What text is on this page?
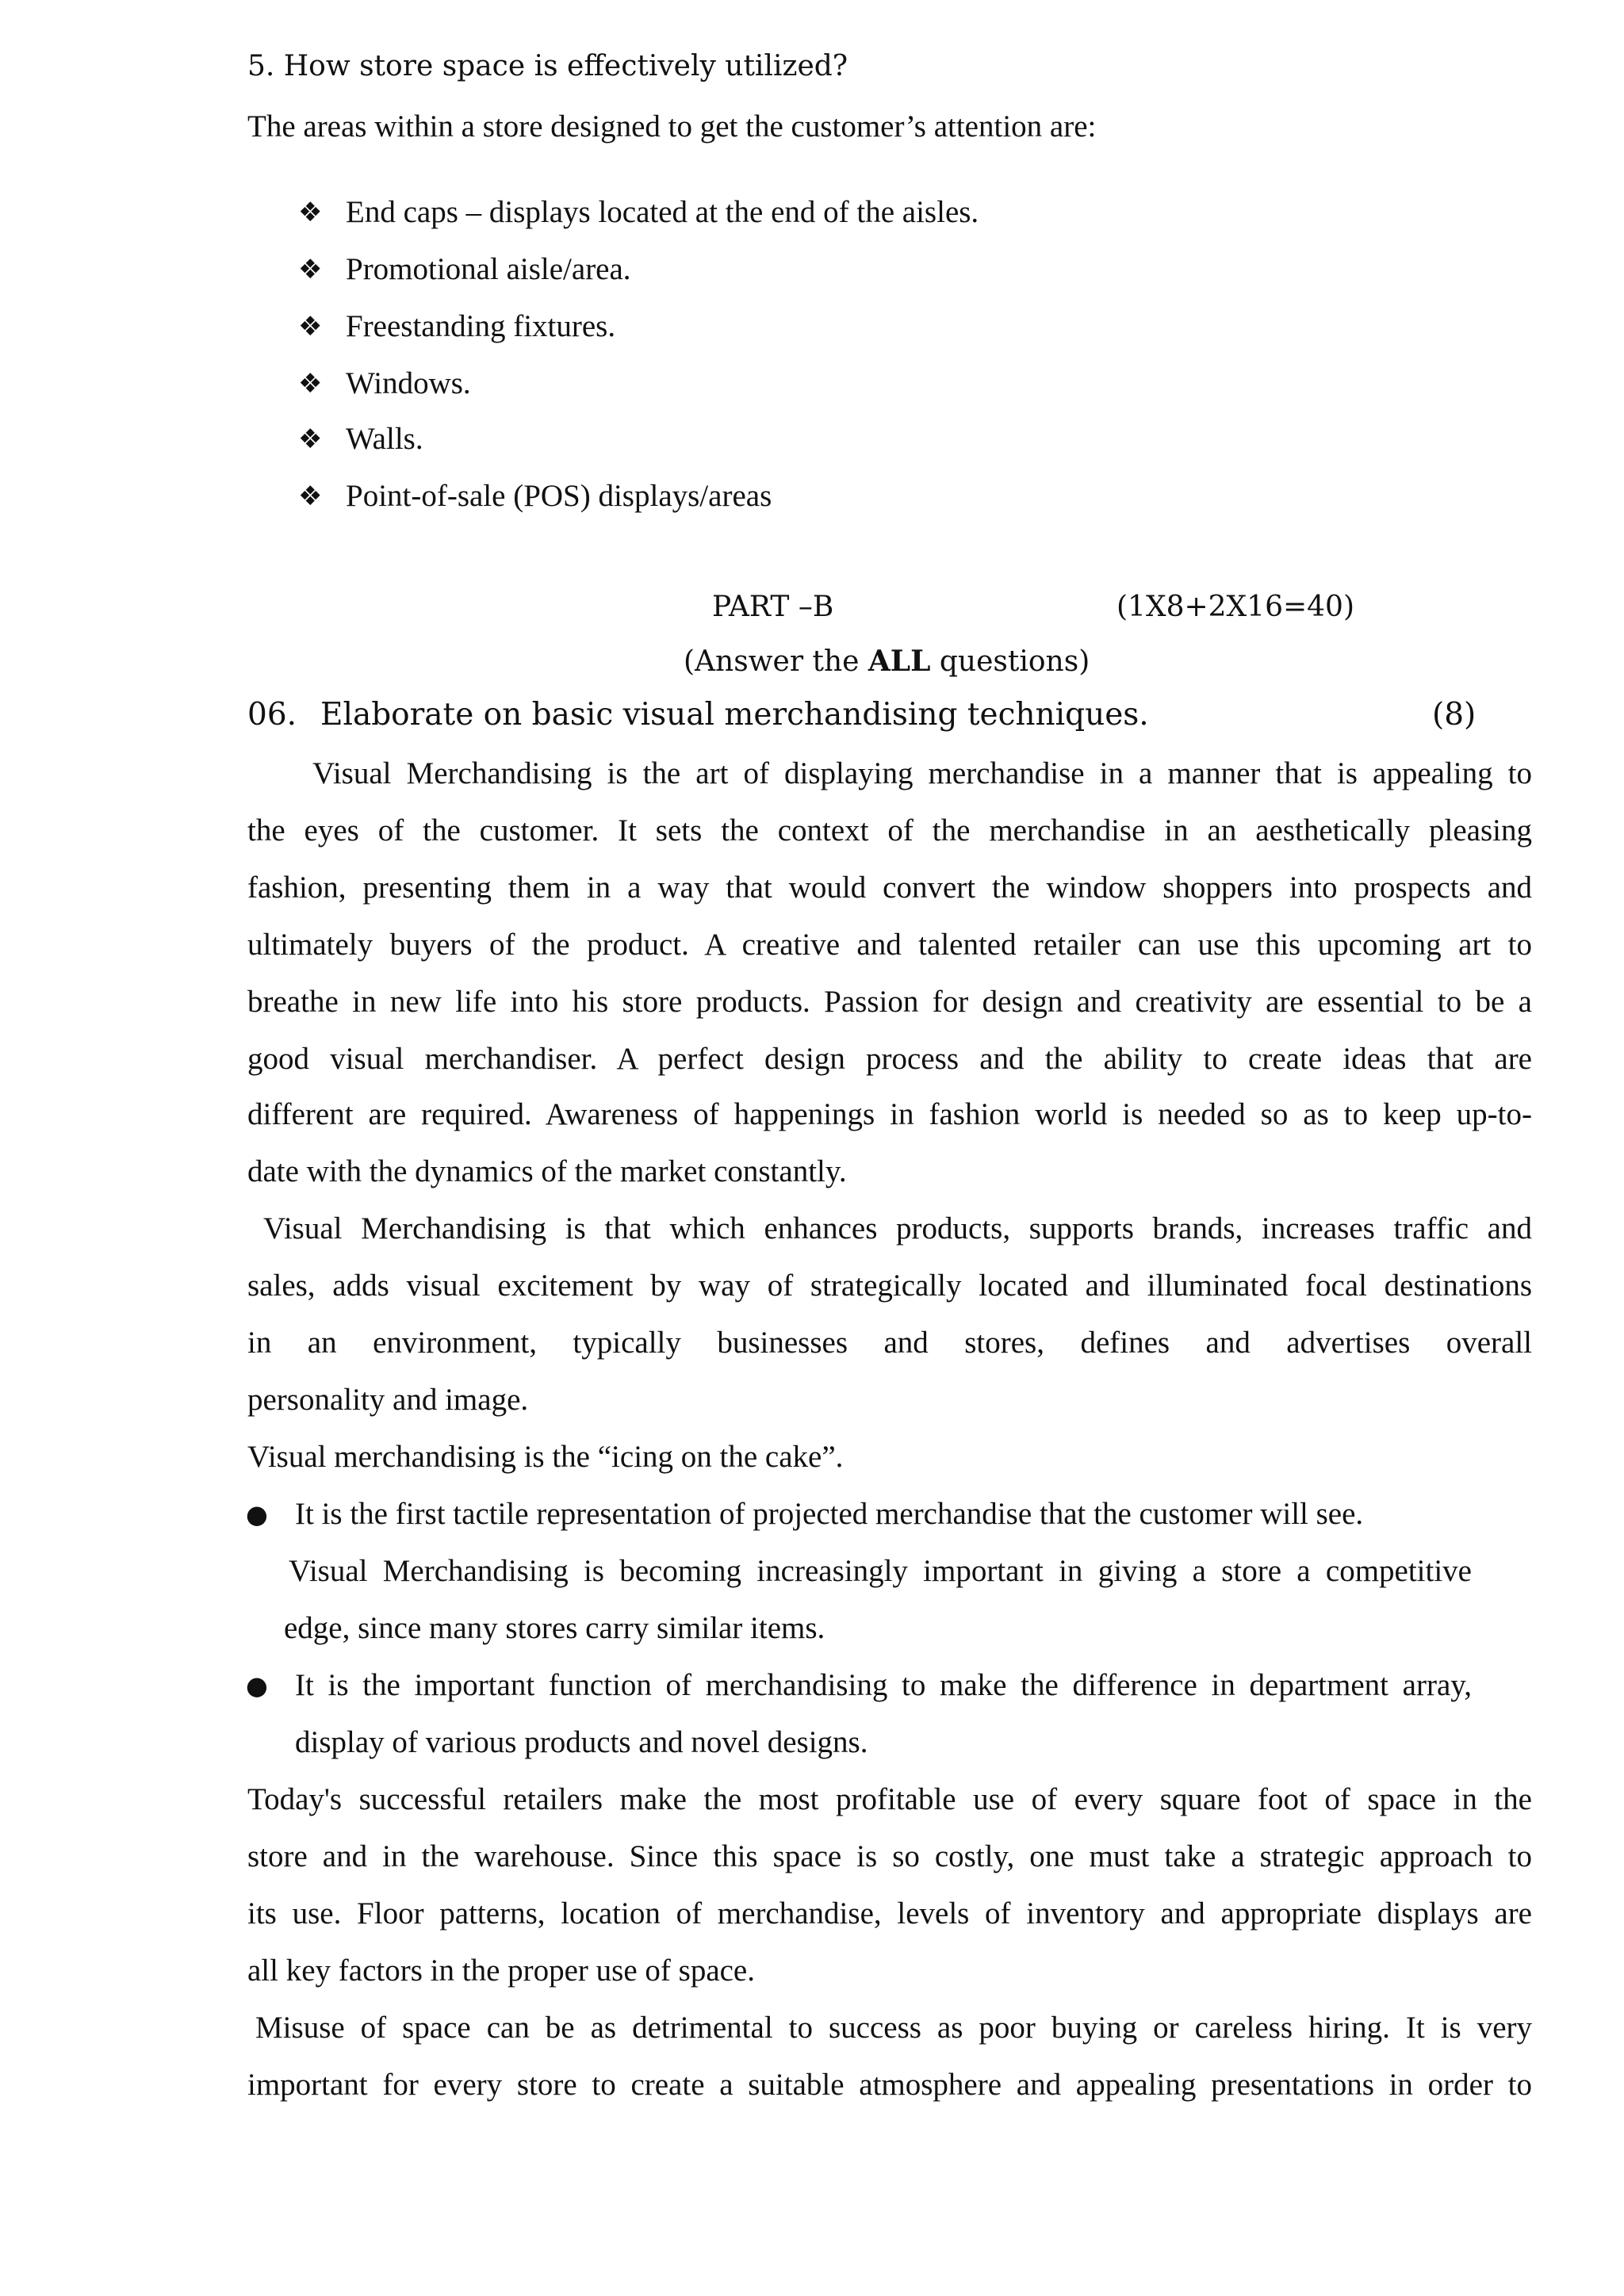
5. How store space is effectively utilized?
The areas within a store designed to get the customer’s attention are:
❖ End caps – displays located at the end of the aisles.
❖ Promotional aisle/area.
❖ Freestanding fixtures.
❖ Windows.
❖ Walls.
❖ Point-of-sale (POS) displays/areas
PART –B	(1X8+2X16=40)
(Answer the ALL questions)
06. Elaborate on basic visual merchandising techniques.	(8)
Visual Merchandising is the art of displaying merchandise in a manner that is appealing to
the eyes of the customer. It sets the context of the merchandise in an aesthetically pleasing
fashion, presenting them in a way that would convert the window shoppers into prospects and
ultimately buyers of the product. A creative and talented retailer can use this upcoming art to
breathe in new life into his store products. Passion for design and creativity are essential to be a
good visual merchandiser. A perfect design process and the ability to create ideas that are
different are required. Awareness of happenings in fashion world is needed so as to keep up-to-
date with the dynamics of the market constantly.
Visual Merchandising is that which enhances products, supports brands, increases traffic and
sales, adds visual excitement by way of strategically located and illuminated focal destinations
in an environment, typically businesses and stores, defines and advertises overall
personality and image.
Visual merchandising is the “icing on the cake”.
● It is the first tactile representation of projected merchandise that the customer will see.
Visual Merchandising is becoming increasingly important in giving a store a competitive
edge, since many stores carry similar items.
● It is the important function of merchandising to make the difference in department array,
display of various products and novel designs.
Today's successful retailers make the most profitable use of every square foot of space in the
store and in the warehouse. Since this space is so costly, one must take a strategic approach to
its use. Floor patterns, location of merchandise, levels of inventory and appropriate displays are
all key factors in the proper use of space.
Misuse of space can be as detrimental to success as poor buying or careless hiring. It is very
important for every store to create a suitable atmosphere and appealing presentations in order to
